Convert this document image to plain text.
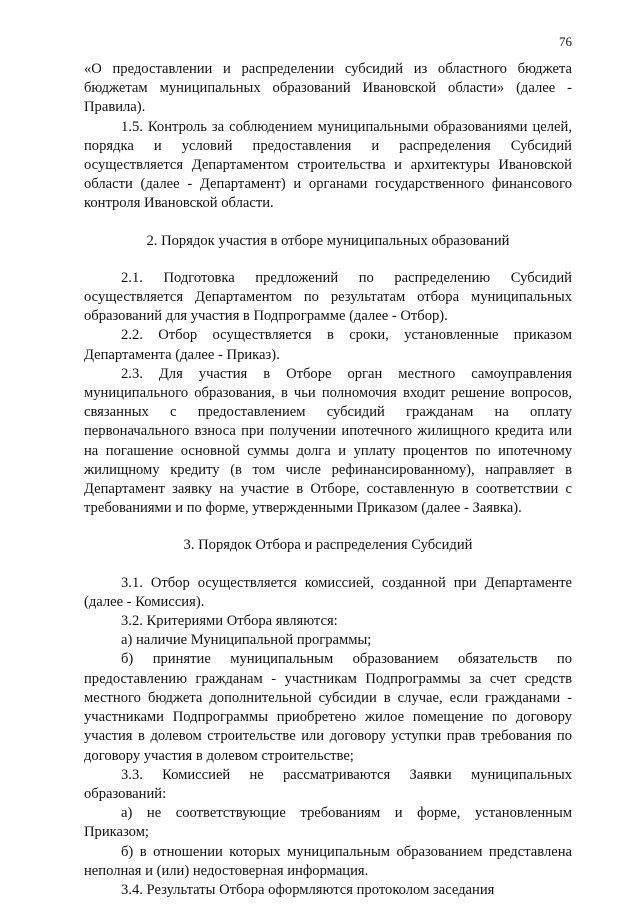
76

«О предоставлении и распределении субсидий из областного бюджета бюджетам муниципальных образований Ивановской области» (далее - Правила).

1.5. Контроль за соблюдением муниципальными образованиями целей, порядка и условий предоставления и распределения Субсидий осуществляется Департаментом строительства и архитектуры Ивановской области (далее - Департамент) и органами государственного финансового контроля Ивановской области.

2. Порядок участия в отборе муниципальных образований

2.1. Подготовка предложений по распределению Субсидий осуществляется Департаментом по результатам отбора муниципальных образований для участия в Подпрограмме (далее - Отбор).

2.2. Отбор осуществляется в сроки, установленные приказом Департамента (далее - Приказ).

2.3. Для участия в Отборе орган местного самоуправления муниципального образования, в чьи полномочия входит решение вопросов, связанных с предоставлением субсидий гражданам на оплату первоначального взноса при получении ипотечного жилищного кредита или на погашение основной суммы долга и уплату процентов по ипотечному жилищному кредиту (в том числе рефинансированному), направляет в Департамент заявку на участие в Отборе, составленную в соответствии с требованиями и по форме, утвержденными Приказом (далее - Заявка).

3. Порядок Отбора и распределения Субсидий

3.1. Отбор осуществляется комиссией, созданной при Департаменте (далее - Комиссия).

3.2. Критериями Отбора являются:

а) наличие Муниципальной программы;

б) принятие муниципальным образованием обязательств по предоставлению гражданам - участникам Подпрограммы за счет средств местного бюджета дополнительной субсидии в случае, если гражданами - участниками Подпрограммы приобретено жилое помещение по договору участия в долевом строительстве или договору уступки прав требования по договору участия в долевом строительстве;

3.3. Комиссией не рассматриваются Заявки муниципальных образований:

а) не соответствующие требованиям и форме, установленным Приказом;

б) в отношении которых муниципальным образованием представлена неполная и (или) недостоверная информация.

3.4. Результаты Отбора оформляются протоколом заседания
